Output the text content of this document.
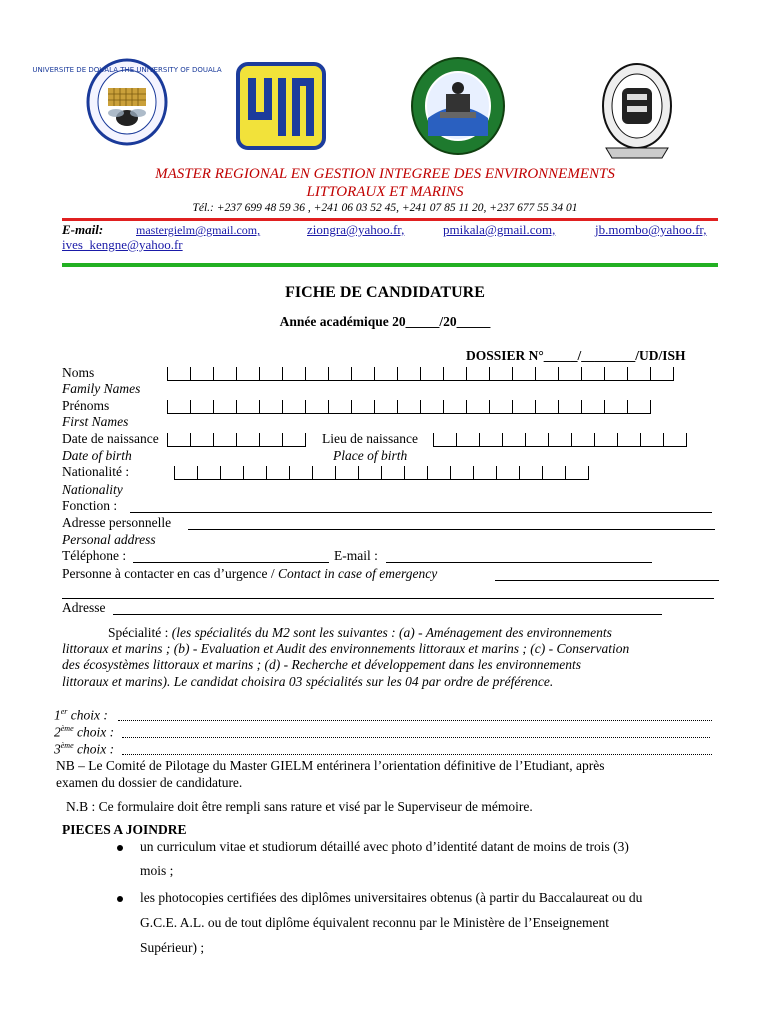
UNIVERSITE DE DOUALA THE UNIVERSITY OF DOUALA
MASTER REGIONAL EN GESTION INTEGREE DES ENVIRONNEMENTS
LITTORAUX ET MARINS
Tél.: +237 699 48 59 36 , +241 06 03 52 45, +241 07 85 11 20, +237 677 55 34 01
E-mail:	mastergielm@gmail.com,	ziongra@yahoo.fr,	pmikala@gmail.com,	jb.mombo@yahoo.fr,
ives_kengne@yahoo.fr
FICHE DE CANDIDATURE
Année académique 20_____/20_____
DOSSIER N°_____/________/UD/ISH
Noms
Family Names
Prénoms
First Names
Date de naissance	Lieu de naissance
Date of birth	Place of birth
Nationalité :
Nationality
Fonction :
Adresse personnelle
Personal address
Téléphone :	E-mail :
Personne à contacter en cas d’urgence / Contact in case of emergency
Adresse
Spécialité : (les spécialités du M2 sont les suivantes : (a) - Aménagement des environnements
littoraux et marins ; (b) - Evaluation et Audit des environnements littoraux et marins ; (c) - Conservation
des écosystèmes littoraux et marins ; (d) - Recherche et développement dans les environnements
littoraux et marins). Le candidat choisira 03 spécialités sur les 04 par ordre de préférence.
1er choix :
2ème choix :
3ème choix :
NB – Le Comité de Pilotage du Master GIELM entérinera l’orientation définitive de l’Etudiant, après
examen du dossier de candidature.
N.B : Ce formulaire doit être rempli sans rature et visé par le Superviseur de mémoire.
PIECES A JOINDRE
un curriculum vitae et studiorum détaillé avec photo d’identité datant de moins de trois (3)
mois ;
les photocopies certifiées des diplômes universitaires obtenus (à partir du Baccalaureat ou du
G.C.E. A.L. ou de tout diplôme équivalent reconnu par le Ministère de l’Enseignement
Supérieur) ;
